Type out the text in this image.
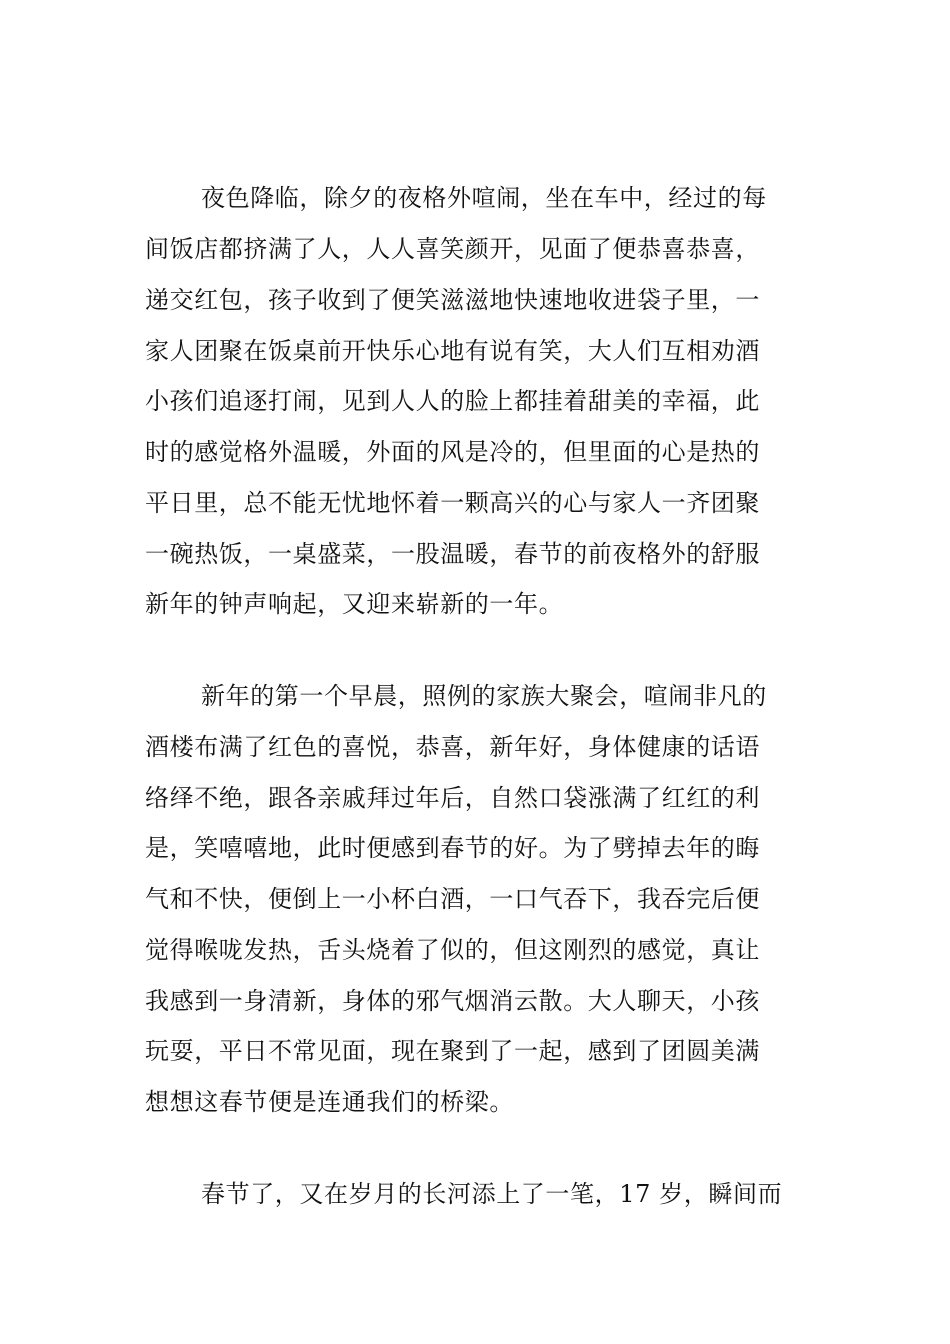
夜色降临，除夕的夜格外喧闹，坐在车中，经过的每
间饭店都挤满了人，人人喜笑颜开，见面了便恭喜恭喜，
递交红包，孩子收到了便笑滋滋地快速地收进袋子里，一
家人团聚在饭桌前开快乐心地有说有笑，大人们互相劝酒
小孩们追逐打闹，见到人人的脸上都挂着甜美的幸福，此
时的感觉格外温暖，外面的风是冷的，但里面的心是热的
平日里，总不能无忧地怀着一颗高兴的心与家人一齐团聚
一碗热饭，一桌盛菜，一股温暖，春节的前夜格外的舒服
新年的钟声响起，又迎来崭新的一年。
新年的第一个早晨，照例的家族大聚会，喧闹非凡的
酒楼布满了红色的喜悦，恭喜，新年好，身体健康的话语
络绎不绝，跟各亲戚拜过年后，自然口袋涨满了红红的利
是，笑嘻嘻地，此时便感到春节的好。为了劈掉去年的晦
气和不快，便倒上一小杯白酒，一口气吞下，我吞完后便
觉得喉咙发热，舌头烧着了似的，但这刚烈的感觉，真让
我感到一身清新，身体的邪气烟消云散。大人聊天，小孩
玩耍，平日不常见面，现在聚到了一起，感到了团圆美满
想想这春节便是连通我们的桥梁。
春节了，又在岁月的长河添上了一笔，17 岁，瞬间而
